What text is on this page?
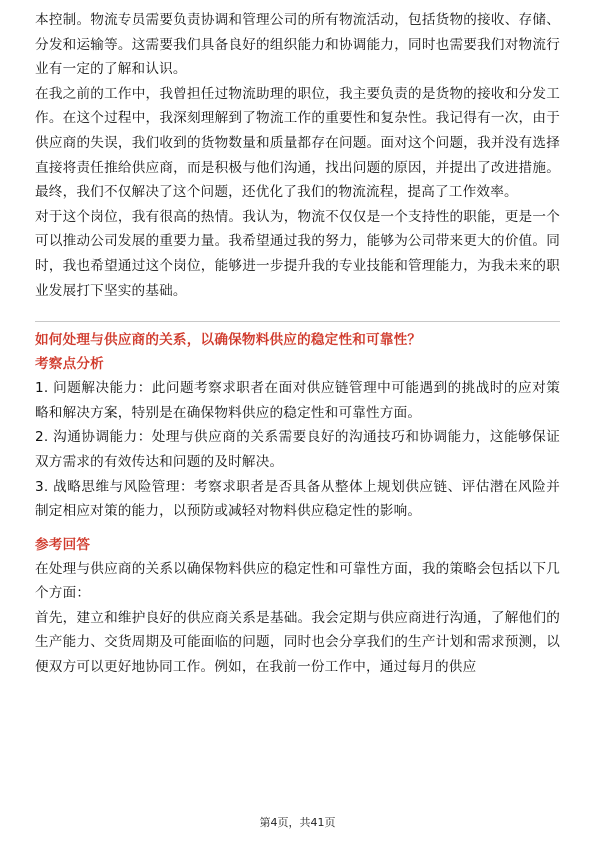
本控制。物流专员需要负责协调和管理公司的所有物流活动，包括货物的接收、存储、分发和运输等。这需要我们具备良好的组织能力和协调能力，同时也需要我们对物流行业有一定的了解和认识。

在我之前的工作中，我曾担任过物流助理的职位，我主要负责的是货物的接收和分发工作。在这个过程中，我深刻理解到了物流工作的重要性和复杂性。我记得有一次，由于供应商的失误，我们收到的货物数量和质量都存在问题。面对这个问题，我并没有选择直接将责任推给供应商，而是积极与他们沟通，找出问题的原因，并提出了改进措施。最终，我们不仅解决了这个问题，还优化了我们的物流流程，提高了工作效率。

对于这个岗位，我有很高的热情。我认为，物流不仅仅是一个支持性的职能，更是一个可以推动公司发展的重要力量。我希望通过我的努力，能够为公司带来更大的价值。同时，我也希望通过这个岗位，能够进一步提升我的专业技能和管理能力，为我未来的职业发展打下坚实的基础。

如何处理与供应商的关系，以确保物料供应的稳定性和可靠性？

考察点分析

1. 问题解决能力：此问题考察求职者在面对供应链管理中可能遇到的挑战时的应对策略和解决方案，特别是在确保物料供应的稳定性和可靠性方面。

2. 沟通协调能力：处理与供应商的关系需要良好的沟通技巧和协调能力，这能够保证双方需求的有效传达和问题的及时解决。

3. 战略思维与风险管理：考察求职者是否具备从整体上规划供应链、评估潜在风险并制定相应对策的能力，以预防或减轻对物料供应稳定性的影响。

参考回答

在处理与供应商的关系以确保物料供应的稳定性和可靠性方面，我的策略会包括以下几个方面：

首先，建立和维护良好的供应商关系是基础。我会定期与供应商进行沟通，了解他们的生产能力、交货周期及可能面临的问题，同时也会分享我们的生产计划和需求预测，以便双方可以更好地协同工作。例如，在我前一份工作中，通过每月的供应

第4页，共41页
